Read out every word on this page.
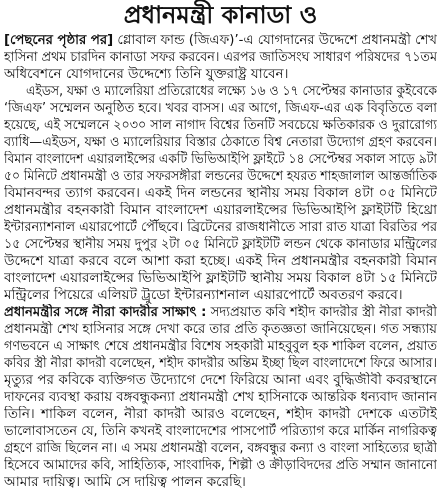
প্রধানমন্ত্রী কানাডা ও
[পেছনের পৃষ্ঠার পর] গ্লোবাল ফান্ড (জিএফ)’-এ যোগদানের উদ্দেশে প্রধানমন্ত্রী শেখ
হাসিনা প্রথম চারদিন কানাডা সফর করবেন। এরপর জাতিসংঘ সাধারণ পরিষদের ৭১তম
অধিবেশনে যোগদানের উদ্দেশ্যে তিনি যুক্তরাষ্ট্র যাবেন।
এইডস, যক্ষা ও ম্যালেরিয়া প্রতিরোধের লক্ষ্যে ১৬ ও ১৭ সেপ্টেম্বর কানাডার কুইবেকে
‘জিএফ’ সম্মেলন অনুষ্ঠিত হবে। খবর বাসস। এর আগে, জিএফ-এর এক বিবৃতিতে বলা
হয়েছে, এই সম্মেলনে ২০৩০ সাল নাগাদ বিশ্বের তিনটি সবচেয়ে ক্ষতিকারক ও দুরারোগ্য
ব্যাধি—এইডস, যক্ষা ও ম্যালেরিয়ার বিস্তার ঠেকাতে বিশ্ব নেতারা উদ্যোগ গ্রহণ করবেন।
বিমান বাংলাদেশ এয়ারলাইন্সের একটি ভিভিআইপি ফ্লাইটে ১৪ সেপ্টেম্বর সকাল সাড়ে ৯টা
৫০ মিনিটে প্রধানমন্ত্রী ও তার সফরসঙ্গীরা লন্ডনের উদ্দেশে হযরত শাহজালাল আন্তর্জাতিক
বিমানবন্দর ত্যাগ করবেন। একই দিন লন্ডনের স্থানীয় সময় বিকাল ৪টা ০৫ মিনিটে
প্রধানমন্ত্রীর বহনকারী বিমান বাংলাদেশ এয়ারলাইন্সের ভিভিআইপি ফ্লাইটটি হিথ্রো
ইন্টারন্যাশনাল এয়ারপোর্টে পৌঁছবে। ব্রিটেনের রাজধানীতে সারা রাত যাত্রা বিরতির পর
১৫ সেপ্টেম্বর স্থানীয় সময় দুপুর ২টা ০৫ মিনিটে ফ্লাইটটি লন্ডন থেকে কানাডার মন্ট্রিলের
উদ্দেশে যাত্রা করবে বলে আশা করা হচ্ছে। একই দিন প্রধানমন্ত্রীর বহনকারী বিমান
বাংলাদেশ এয়ারলাইন্সের ভিভিআইপি ফ্লাইটটি স্থানীয় সময় বিকাল ৪টা ১৫ মিনিটে
মন্ট্রিলের পিয়েরে এলিয়ট ট্রুডো ইন্টারন্যাশনাল এয়ারপোর্টে অবতরণ করবে।
প্রধানমন্ত্রীর সঙ্গে নীরা কাদরীর সাক্ষাৎ : সদ্যপ্রয়াত কবি শহীদ কাদরীর স্ত্রী নীরা কাদরী
প্রধানমন্ত্রী শেখ হাসিনার সঙ্গে দেখা করে তার প্রতি কৃতজ্ঞতা জানিয়েছেন। গত সন্ধ্যায়
গণভবনে এ সাক্ষাৎ শেষে প্রধানমন্ত্রীর বিশেষ সহকারী মাহবুবুল হক শাকিল বলেন, প্রয়াত
কবির স্ত্রী নীরা কাদরী বলেছেন, শহীদ কাদরীর অন্তিম ইচ্ছা ছিল বাংলাদেশে ফিরে আসার।
মৃত্যুর পর কবিকে ব্যক্তিগত উদ্যোগে দেশে ফিরিয়ে আনা এবং বুদ্ধিজীবী কবরস্থানে
দাফনের ব্যবস্থা করায় বঙ্গবন্ধুকন্যা প্রধানমন্ত্রী শেখ হাসিনাকে আন্তরিক ধন্যবাদ জানান
তিনি। শাকিল বলেন, নীরা কাদরী আরও বলেছেন, শহীদ কাদরী দেশকে এতটাই
ভালোবাসতেন যে, তিনি কখনই বাংলাদেশের পাসপোর্ট পরিত্যাগ করে মার্কিন নাগরিকত্ব
গ্রহণে রাজি ছিলেন না। এ সময় প্রধানমন্ত্রী বলেন, বঙ্গবন্ধুর কন্যা ও বাংলা সাহিত্যের ছাত্রী
হিসেবে আমাদের কবি, সাহিত্যিক, সাংবাদিক, শিল্পী ও ক্রীড়াবিদদের প্রতি সম্মান জানানো
আমার দায়িত্ব। আমি সে দায়িত্ব পালন করেছি।
